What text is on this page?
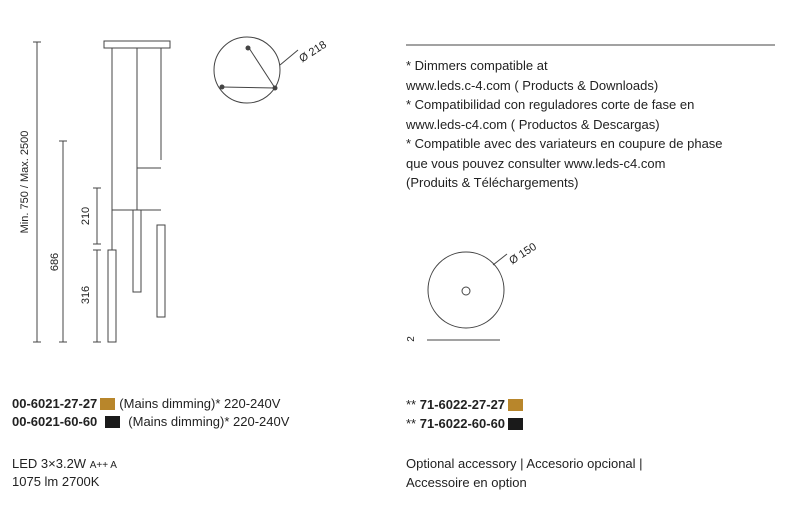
Min. 750 / Max. 2500
686
210
316
Ø 218
Ø 150
2
* Dimmers compatible at
www.leds.c-4.com ( Products & Downloads)
* Compatibilidad con reguladores corte de fase en
www.leds-c4.com ( Productos & Descargas)
* Compatible avec des variateurs en coupure de phase
que vous pouvez consulter www.leds-c4.com
(Produits & Téléchargements)
00-6021-27-27 (Mains dimming)* 220-240V
00-6021-60-60 (Mains dimming)* 220-240V
** 71-6022-27-27
** 71-6022-60-60
LED 3×3.2W A++ A
1075 lm 2700K
Optional accessory | Accesorio opcional |
Accessoire en option
